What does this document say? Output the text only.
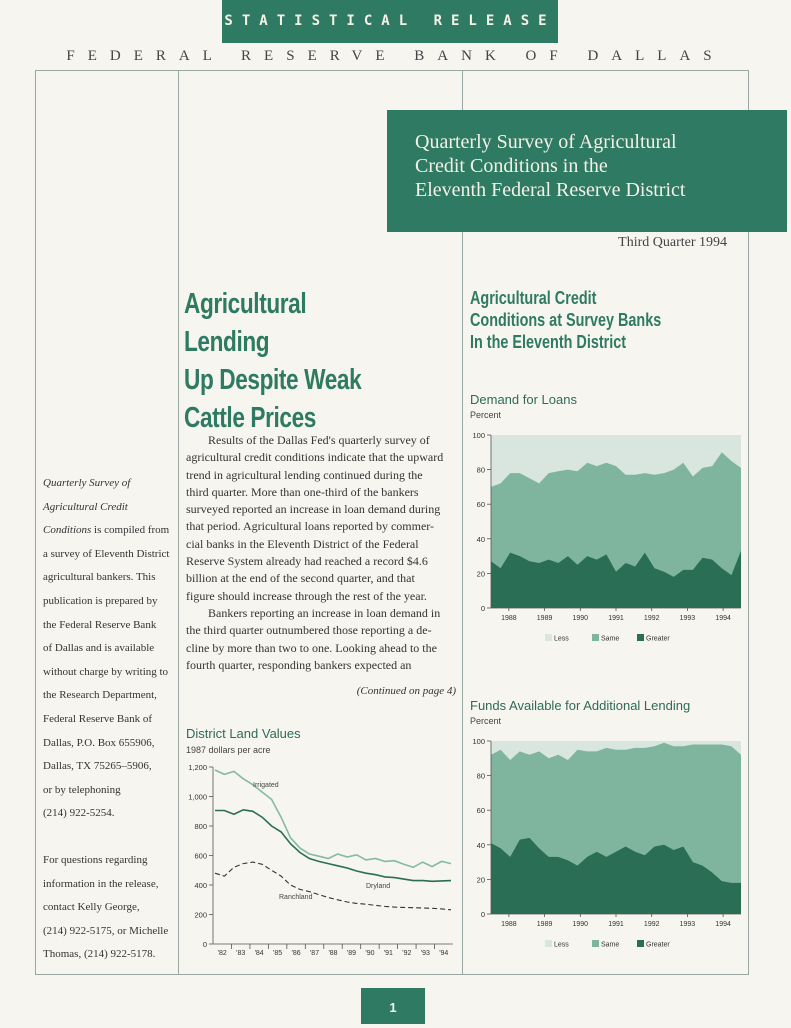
STATISTICAL RELEASE
FEDERAL RESERVE BANK OF DALLAS
Quarterly Survey of Agricultural
Credit Conditions in the
Eleventh Federal Reserve District
Third Quarter 1994
Agricultural Lending
Up Despite Weak
Cattle Prices
Agricultural Credit
Conditions at Survey Banks
In the Eleventh District
Results of the Dallas Fed's quarterly survey of
agricultural credit conditions indicate that the upward
trend in agricultural lending continued during the
third quarter. More than one-third of the bankers
surveyed reported an increase in loan demand during
that period. Agricultural loans reported by commer-
cial banks in the Eleventh District of the Federal
Reserve System already had reached a record $4.6
billion at the end of the second quarter, and that
figure should increase through the rest of the year.
Bankers reporting an increase in loan demand in
the third quarter outnumbered those reporting a de-
cline by more than two to one. Looking ahead to the
fourth quarter, responding bankers expected an
(Continued on page 4)
Quarterly Survey of
Agricultural Credit
Conditions is compiled from
a survey of Eleventh District
agricultural bankers. This
publication is prepared by
the Federal Reserve Bank
of Dallas and is available
without charge by writing to
the Research Department,
Federal Reserve Bank of
Dallas, P.O. Box 655906,
Dallas, TX 75265–5906,
or by telephoning
(214) 922-5254.
For questions regarding
information in the release,
contact Kelly George,
(214) 922-5175, or Michelle
Thomas, (214) 922-5178.
Demand for Loans
Percent
0
20
40
60
80
100
1988	1989	1990	1991	1992	1993	1994
Less	Same	Greater
Funds Available for Additional Lending
Percent
0
20
40
60
80
100
1988	1989	1990	1991	1992	1993	1994
Less	Same	Greater
District Land Values
1987 dollars per acre
0
200
400
600
800
1,000
1,200
'82 '83 '84 '85 '86 '87 '88 '89 '90 '91 '92 '93 '94
Irrigated
Dryland
Ranchland
1
